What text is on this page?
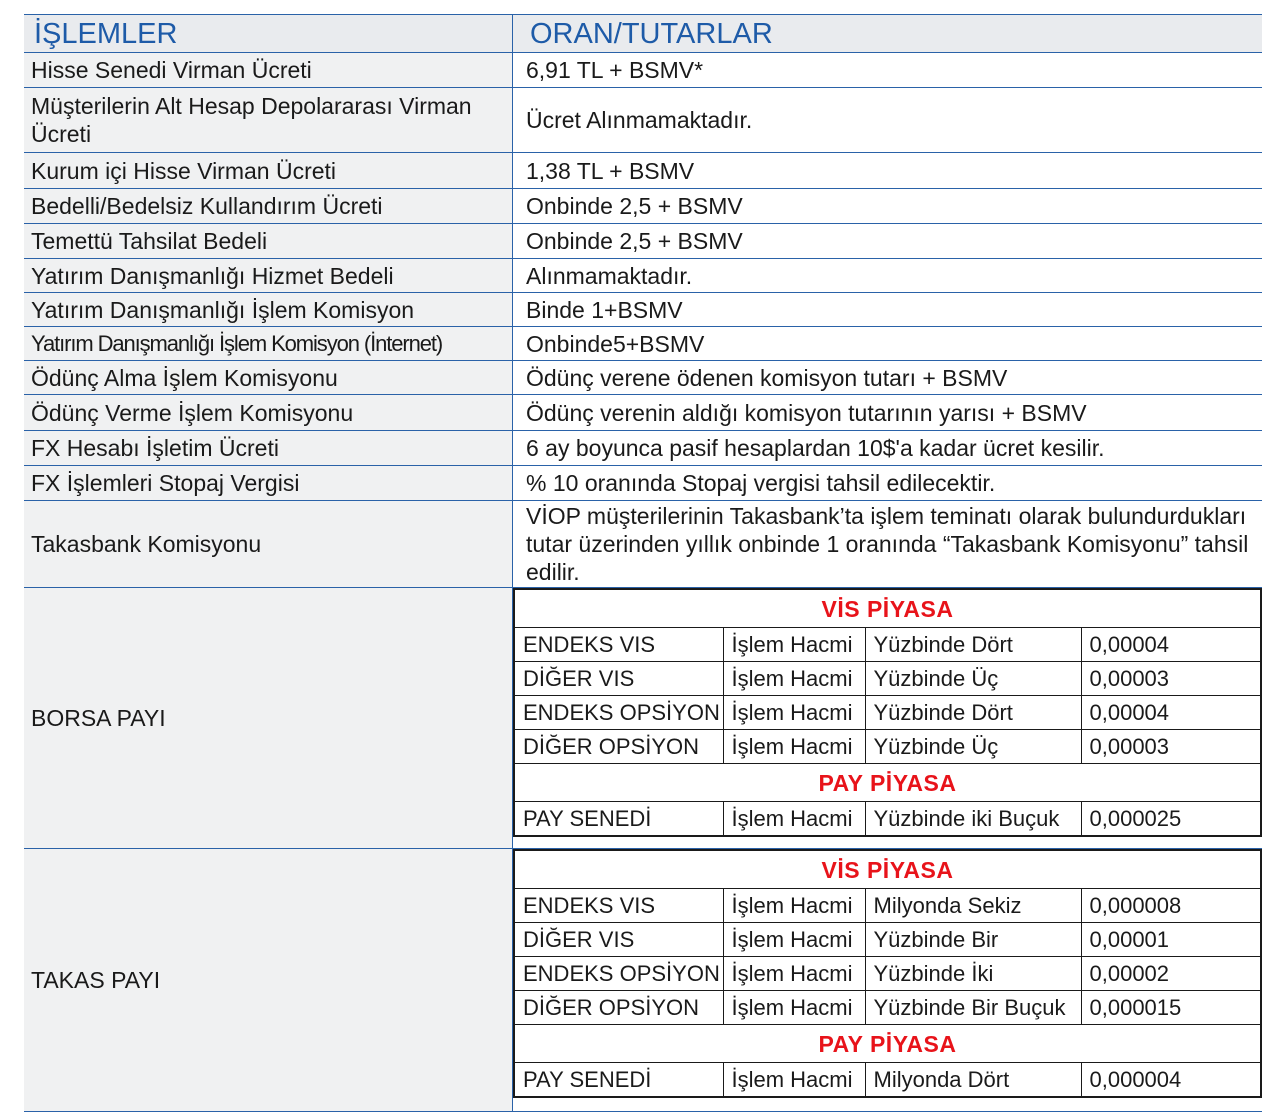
İŞLEMLER	ORAN/TUTARLAR
Hisse Senedi Virman Ücreti	6,91 TL + BSMV*
Müşterilerin Alt Hesap Depolararası Virman Ücreti	Ücret Alınmamaktadır.
Kurum içi Hisse Virman Ücreti	1,38 TL + BSMV
Bedelli/Bedelsiz Kullandırım Ücreti	Onbinde 2,5 + BSMV
Temettü Tahsilat Bedeli	Onbinde 2,5 + BSMV
Yatırım Danışmanlığı Hizmet Bedeli	Alınmamaktadır.
Yatırım Danışmanlığı İşlem Komisyon	Binde 1+BSMV
Yatırım Danışmanlığı İşlem Komisyon (İnternet)	Onbinde5+BSMV
Ödünç Alma İşlem Komisyonu	Ödünç verene ödenen komisyon tutarı + BSMV
Ödünç Verme İşlem Komisyonu	Ödünç verenin aldığı komisyon tutarının yarısı + BSMV
FX Hesabı İşletim Ücreti	6 ay boyunca pasif hesaplardan 10$'a kadar ücret kesilir.
FX İşlemleri Stopaj Vergisi	% 10 oranında Stopaj vergisi tahsil edilecektir.
Takasbank Komisyonu	VİOP müşterilerinin Takasbank’ta işlem teminatı olarak bulundurdukları tutar üzerinden yıllık onbinde 1 oranında “Takasbank Komisyonu” tahsil edilir.
BORSA PAYI	
VİS PİYASA
ENDEKS VIS	İşlem Hacmi	Yüzbinde Dört	0,00004
DİĞER VIS	İşlem Hacmi	Yüzbinde Üç	0,00003
ENDEKS OPSİYON	İşlem Hacmi	Yüzbinde Dört	0,00004
DİĞER OPSİYON	İşlem Hacmi	Yüzbinde Üç	0,00003
PAY PİYASA
PAY SENEDİ	İşlem Hacmi	Yüzbinde iki Buçuk	0,000025

TAKAS PAYI	
VİS PİYASA
ENDEKS VIS	İşlem Hacmi	Milyonda Sekiz	0,000008
DİĞER VIS	İşlem Hacmi	Yüzbinde Bir	0,00001
ENDEKS OPSİYON	İşlem Hacmi	Yüzbinde İki	0,00002
DİĞER OPSİYON	İşlem Hacmi	Yüzbinde Bir Buçuk	0,000015
PAY PİYASA
PAY SENEDİ	İşlem Hacmi	Milyonda Dört	0,000004
